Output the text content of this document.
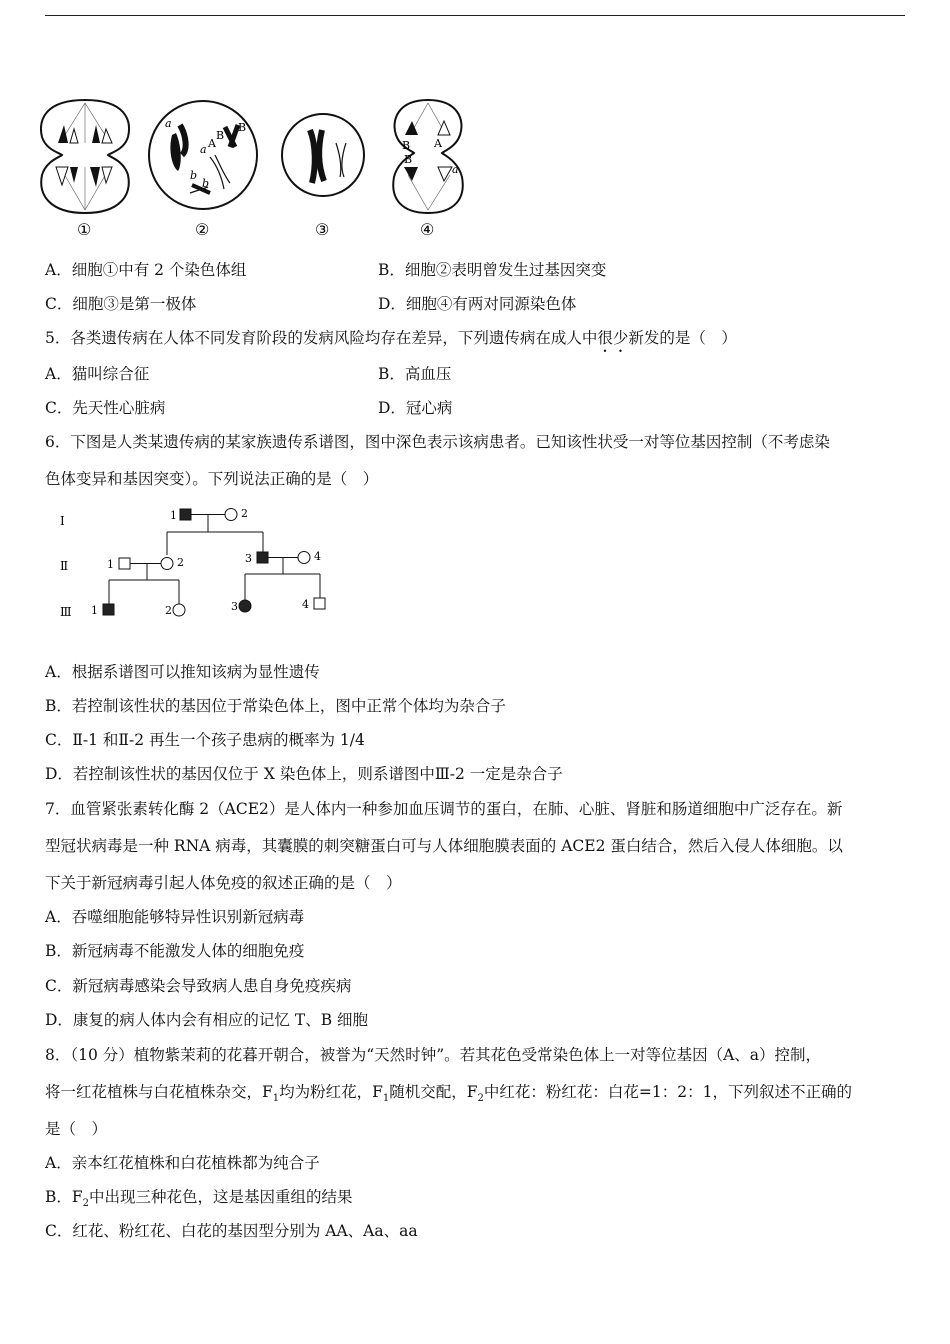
a
a A
B
B
b
b
A
B
B
a
①	②	③	④
A．细胞①中有 2 个染色体组	B．细胞②表明曾发生过基因突变
C．细胞③是第一极体	D．细胞④有两对同源染色体
5．各类遗传病在人体不同发育阶段的发病风险均存在差异，下列遗传病在成人中很少新发的是（　）
A．猫叫综合征	B．高血压
C．先天性心脏病	D．冠心病
6．下图是人类某遗传病的某家族遗传系谱图，图中深色表示该病患者。已知该性状受一对等位基因控制（不考虑染
色体变异和基因突变）。下列说法正确的是（　）
Ⅰ
Ⅱ
Ⅲ
1	2
1	2	3	4
1	2	3	4
A．根据系谱图可以推知该病为显性遗传
B．若控制该性状的基因位于常染色体上，图中正常个体均为杂合子
C．Ⅱ-1 和Ⅱ-2 再生一个孩子患病的概率为 1/4
D．若控制该性状的基因仅位于 X 染色体上，则系谱图中Ⅲ-2 一定是杂合子
7．血管紧张素转化酶 2（ACE2）是人体内一种参加血压调节的蛋白，在肺、心脏、肾脏和肠道细胞中广泛存在。新
型冠状病毒是一种 RNA 病毒，其囊膜的刺突糖蛋白可与人体细胞膜表面的 ACE2 蛋白结合，然后入侵人体细胞。以
下关于新冠病毒引起人体免疫的叙述正确的是（　）
A．吞噬细胞能够特异性识别新冠病毒
B．新冠病毒不能激发人体的细胞免疫
C．新冠病毒感染会导致病人患自身免疫疾病
D．康复的病人体内会有相应的记忆 T、B 细胞
8．（10 分）植物紫茉莉的花暮开朝合，被誉为“天然时钟”。若其花色受常染色体上一对等位基因（A、a）控制，
将一红花植株与白花植株杂交，$F_1$均为粉红花，$F_1$随机交配，$F_2$中红花：粉红花：白花=1：2：1，下列叙述不正确的
是（　）
A．亲本红花植株和白花植株都为纯合子
B．$F_2$中出现三种花色，这是基因重组的结果
C．红花、粉红花、白花的基因型分别为 AA、Aa、aa
